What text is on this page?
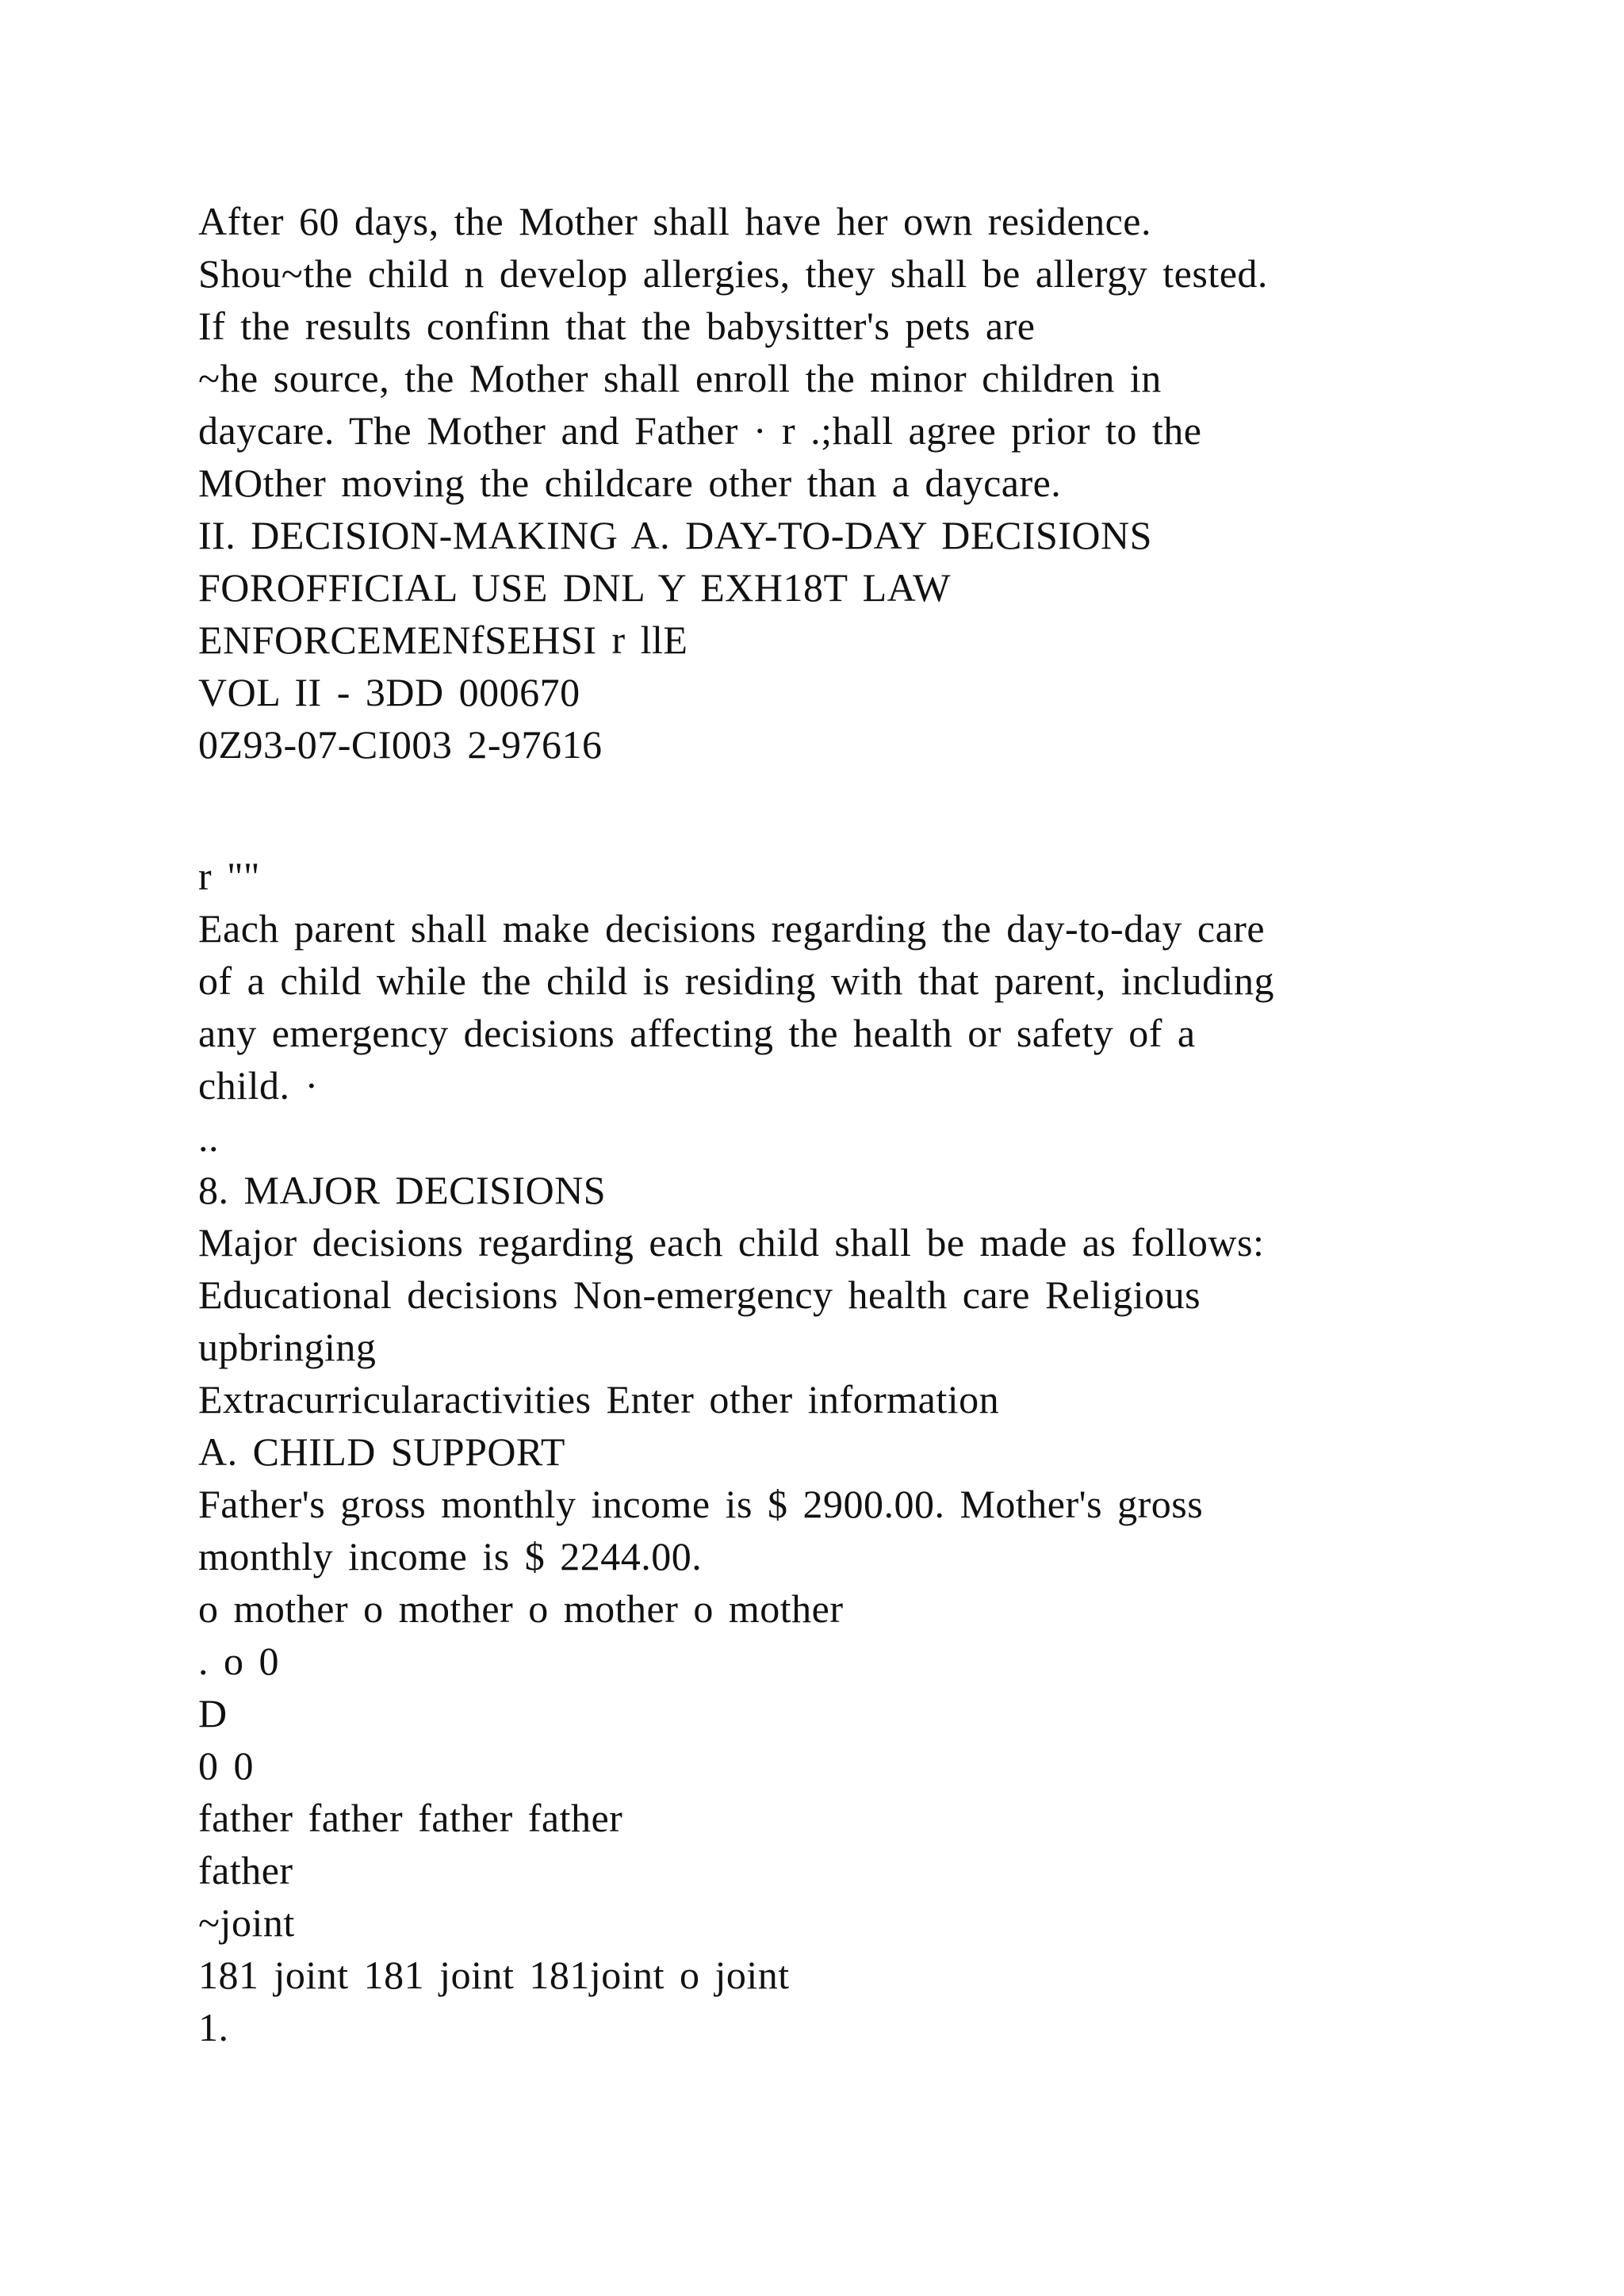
After 60 days, the Mother shall have her own residence.
Shou~the child n develop allergies, they shall be allergy tested.
If the results confinn that the babysitter's pets are
~he source, the Mother shall enroll the minor children in
daycare. The Mother and Father · r .;hall agree prior to the
MOther moving the childcare other than a daycare.
II. DECISION-MAKING A. DAY-TO-DAY DECISIONS
FOROFFICIAL USE DNL Y EXH18T LAW
ENFORCEMENfSEHSI r llE
VOL II - 3DD 000670
0Z93-07-CI003 2-97616
r ""
Each parent shall make decisions regarding the day-to-day care
of a child while the child is residing with that parent, including
any emergency decisions affecting the health or safety of a
child. ·
..
8. MAJOR DECISIONS
Major decisions regarding each child shall be made as follows:
Educational decisions Non-emergency health care Religious
upbringing
Extracurricularactivities Enter other information
A. CHILD SUPPORT
Father's gross monthly income is $ 2900.00. Mother's gross
monthly income is $ 2244.00.
o mother o mother o mother o mother
. o 0
D
0 0
father father father father
father
~joint
181 joint 181 joint 181joint o joint
1.
